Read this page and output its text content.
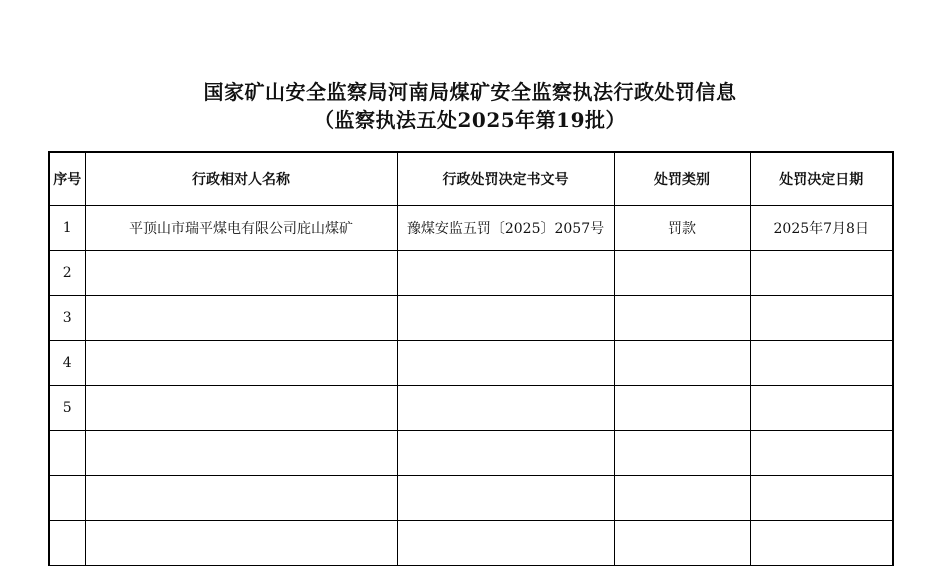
国家矿山安全监察局河南局煤矿安全监察执法行政处罚信息
（监察执法五处2025年第19批）
序号	行政相对人名称	行政处罚决定书文号	处罚类别	处罚决定日期
1	平顶山市瑞平煤电有限公司庇山煤矿	豫煤安监五罚〔2025〕2057号	罚款	2025年7月8日
2				
3				
4				
5				
